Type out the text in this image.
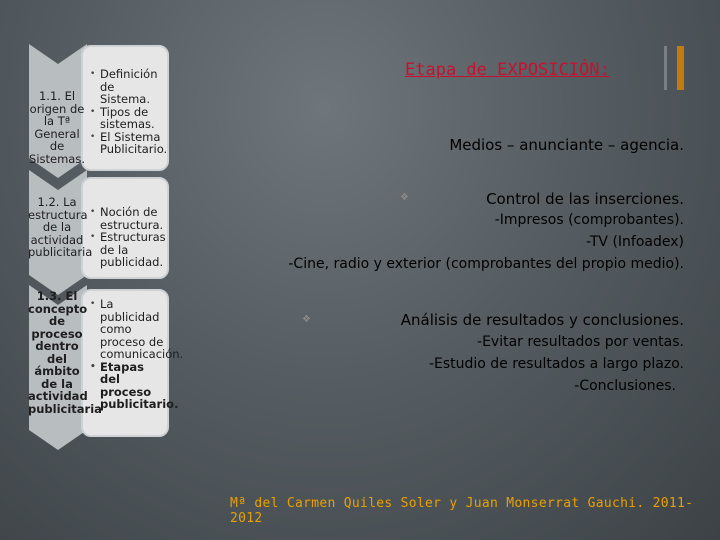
1.1. El origen de la Tª General de Sistemas.
1.2. La estructura de la actividad publicitaria
1.3. El concepto de proceso dentro del ámbito de la actividad publicitaria
• Definición de Sistema.
• Tipos de sistemas.
• El Sistema Publicitario.
• Noción de estructura.
• Estructuras de la publicidad.
• La publicidad como proceso de comunicación.
• Etapas del proceso publicitario.
Etapa de EXPOSICIÓN:
Medios – anunciante – agencia.
❖	Control de las inserciones.
-Impresos (comprobantes).
-TV (Infoadex)
-Cine, radio y exterior (comprobantes del propio medio).
❖	Análisis de resultados y conclusiones.
-Evitar resultados por ventas.
-Estudio de resultados a largo plazo.
-Conclusiones.
Mª del Carmen Quiles Soler y Juan Monserrat Gauchi. 2011-2012
